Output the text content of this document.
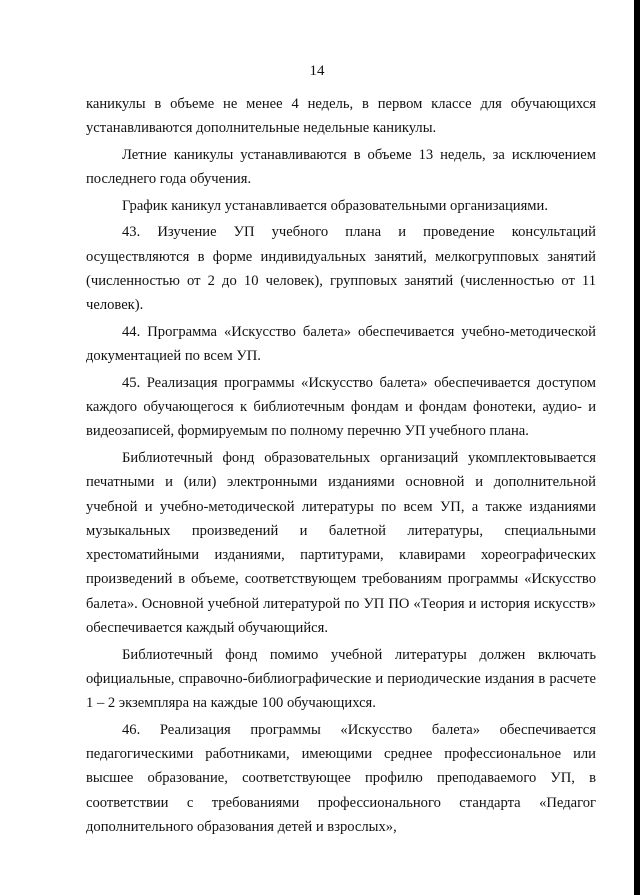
14

каникулы в объеме не менее 4 недель, в первом классе для обучающихся устанавливаются дополнительные недельные каникулы.

Летние каникулы устанавливаются в объеме 13 недель, за исключением последнего года обучения.

График каникул устанавливается образовательными организациями.

43. Изучение УП учебного плана и проведение консультаций осуществляются в форме индивидуальных занятий, мелкогрупповых занятий (численностью от 2 до 10 человек), групповых занятий (численностью от 11 человек).

44. Программа «Искусство балета» обеспечивается учебно-методической документацией по всем УП.

45. Реализация программы «Искусство балета» обеспечивается доступом каждого обучающегося к библиотечным фондам и фондам фонотеки, аудио- и видеозаписей, формируемым по полному перечню УП учебного плана.

Библиотечный фонд образовательных организаций укомплектовывается печатными и (или) электронными изданиями основной и дополнительной учебной и учебно-методической литературы по всем УП, а также изданиями музыкальных произведений и балетной литературы, специальными хрестоматийными изданиями, партитурами, клавирами хореографических произведений в объеме, соответствующем требованиям программы «Искусство балета». Основной учебной литературой по УП ПО «Теория и история искусств» обеспечивается каждый обучающийся.

Библиотечный фонд помимо учебной литературы должен включать официальные, справочно-библиографические и периодические издания в расчете 1 – 2 экземпляра на каждые 100 обучающихся.

46. Реализация программы «Искусство балета» обеспечивается педагогическими работниками, имеющими среднее профессиональное или высшее образование, соответствующее профилю преподаваемого УП, в соответствии с требованиями профессионального стандарта «Педагог дополнительного образования детей и взрослых»,
